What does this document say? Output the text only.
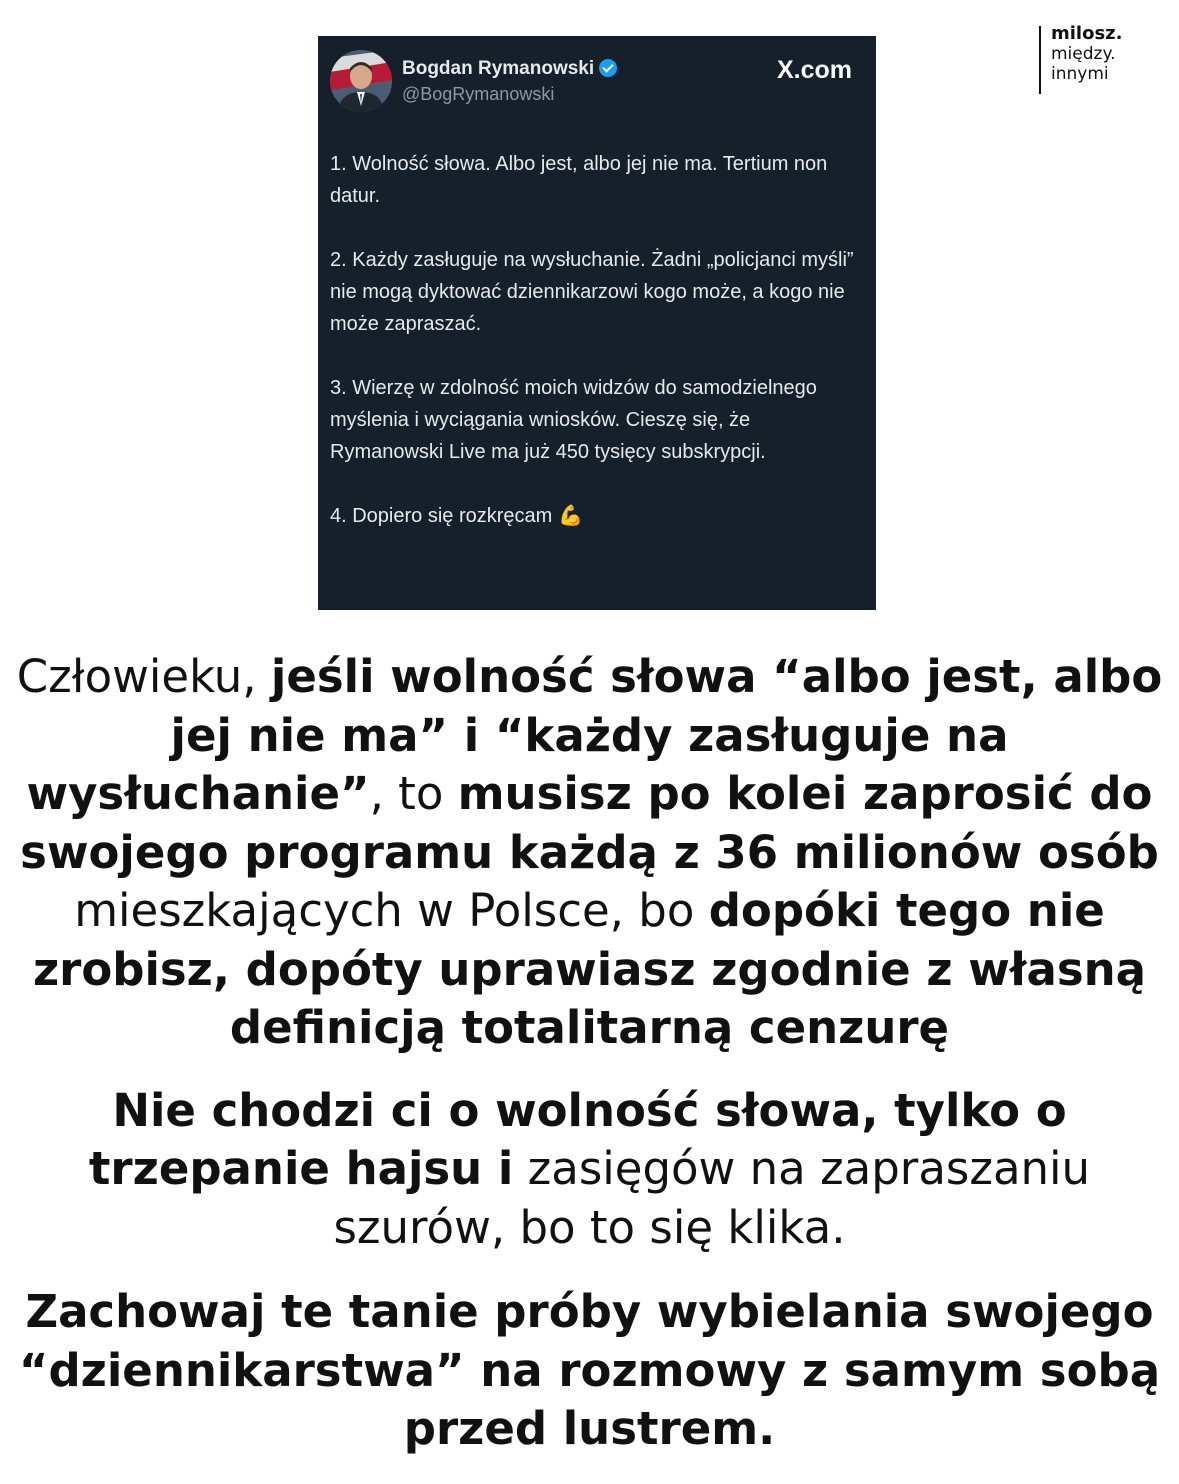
Bogdan Rymanowski
@BogRymanowski
X.com

1. Wolność słowa. Albo jest, albo jej nie ma. Tertium non datur.

2. Każdy zasługuje na wysłuchanie. Żadni „policjanci myśli” nie mogą dyktować dziennikarzowi kogo może, a kogo nie może zapraszać.

3. Wierzę w zdolność moich widzów do samodzielnego myślenia i wyciągania wniosków. Cieszę się, że Rymanowski Live ma już 450 tysięcy subskrypcji.

4. Dopiero się rozkręcam 💪

milosz.
między.
innymi
Człowieku, jeśli wolność słowa “albo jest, albo jej nie ma” i “każdy zasługuje na wysłuchanie”, to musisz po kolei zaprosić do swojego programu każdą z 36 milionów osób mieszkających w Polsce, bo dopóki tego nie zrobisz, dopóty uprawiasz zgodnie z własną definicją totalitarną cenzurę
Nie chodzi ci o wolność słowa, tylko o trzepanie hajsu i zasięgów na zapraszaniu szurów, bo to się klika.
Zachowaj te tanie próby wybielania swojego “dziennikarstwa” na rozmowy z samym sobą przed lustrem.
